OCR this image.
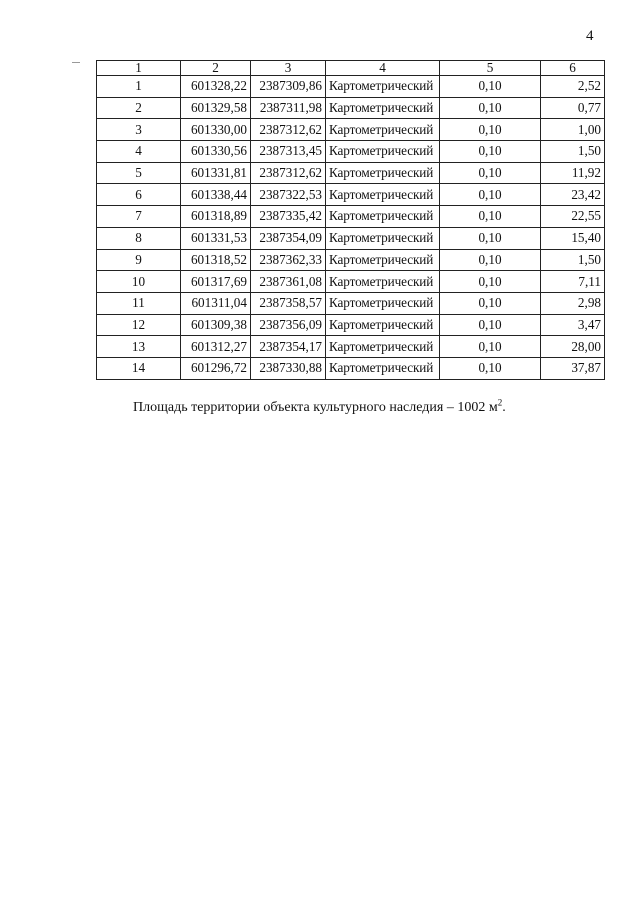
4
1	2	3	4	5	6
1	601328,22	2387309,86	Картометрический	0,10	2,52
2	601329,58	2387311,98	Картометрический	0,10	0,77
3	601330,00	2387312,62	Картометрический	0,10	1,00
4	601330,56	2387313,45	Картометрический	0,10	1,50
5	601331,81	2387312,62	Картометрический	0,10	11,92
6	601338,44	2387322,53	Картометрический	0,10	23,42
7	601318,89	2387335,42	Картометрический	0,10	22,55
8	601331,53	2387354,09	Картометрический	0,10	15,40
9	601318,52	2387362,33	Картометрический	0,10	1,50
10	601317,69	2387361,08	Картометрический	0,10	7,11
11	601311,04	2387358,57	Картометрический	0,10	2,98
12	601309,38	2387356,09	Картометрический	0,10	3,47
13	601312,27	2387354,17	Картометрический	0,10	28,00
14	601296,72	2387330,88	Картометрический	0,10	37,87
Площадь территории объекта культурного наследия – 1002 $м^2$.
